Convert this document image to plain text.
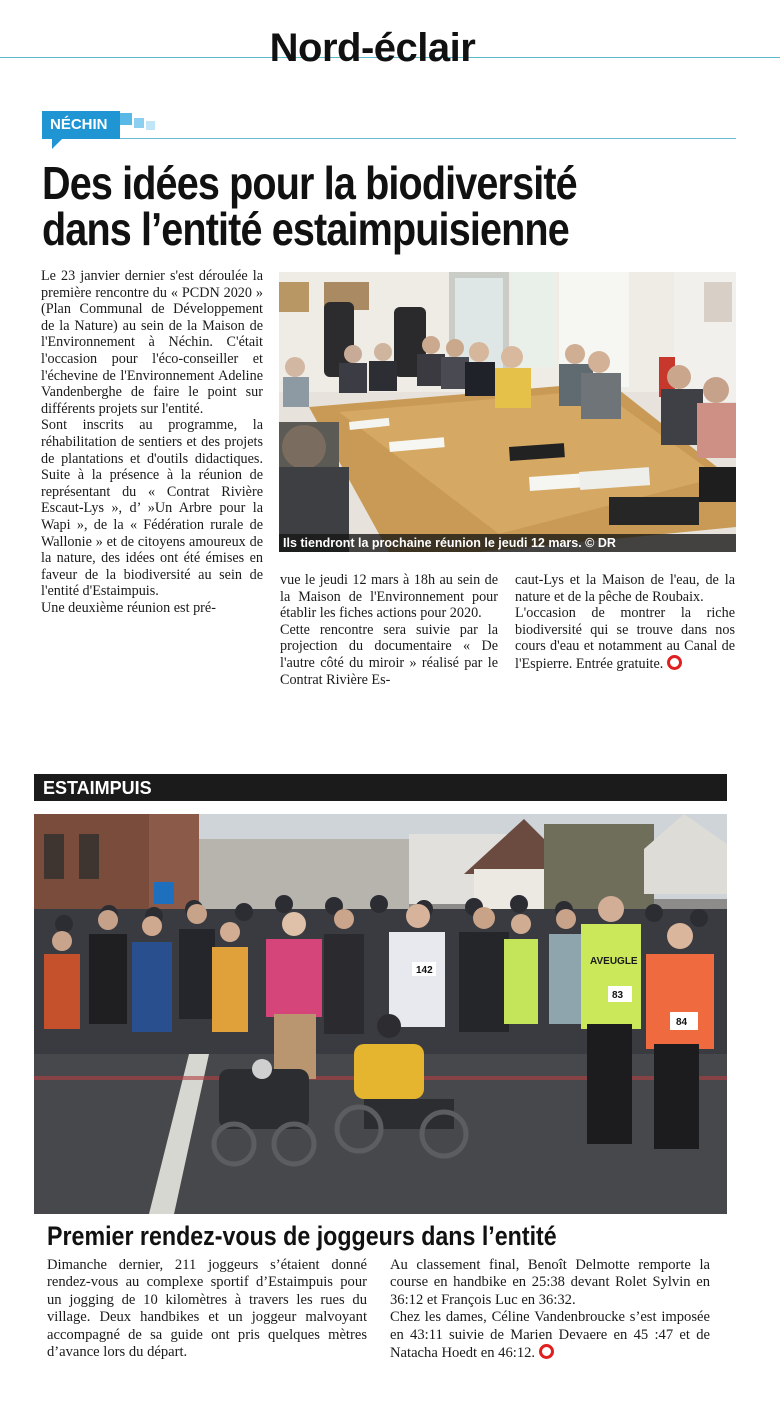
Nord-éclair
NÉCHIN
Des idées pour la biodiversité
dans l’entité estaimpuisienne

Le 23 janvier dernier s'est déroulée la première rencontre du « PCDN 2020 » (Plan Communal de Développement de la Nature) au sein de la Maison de l'Environnement à Néchin. C'était l'occasion pour l'éco-conseiller et l'échevine de l'Environnement Adeline Vandenberghe de faire le point sur différents projets sur l'entité.

Sont inscrits au programme, la réhabilitation de sentiers et des projets de plantations et d'outils didactiques. Suite à la présence à la réunion de représentant du « Contrat Rivière Escaut-Lys », d’ »Un Arbre pour la Wapi », de la « Fédération rurale de Wallonie » et de citoyens amoureux de la nature, des idées ont été émises en faveur de la biodiversité au sein de l'entité d'Estaimpuis.

Une deuxième réunion est pré-

Ils tiendront la prochaine réunion le jeudi 12 mars. © DR

vue le jeudi 12 mars à 18h au sein de la Maison de l'Environnement pour établir les fiches actions pour 2020.

Cette rencontre sera suivie par la projection du documentaire « De l'autre côté du miroir » réalisé par le Contrat Rivière Es-

caut-Lys et la Maison de l'eau, de la nature et de la pêche de Roubaix.

L'occasion de montrer la riche biodiversité qui se trouve dans nos cours d'eau et notamment au Canal de l'Espierre. Entrée gratuite.

ESTAIMPUIS
142
83
84
AVEUGLE
Premier rendez-vous de joggeurs dans l’entité

Dimanche dernier, 211 joggeurs s’étaient donné rendez-vous au complexe sportif d’Estaimpuis pour un jogging de 10 kilomètres à travers les rues du village. Deux handbikes et un joggeur malvoyant accompagné de sa guide ont pris quelques mètres d’avance lors du départ.

Au classement final, Benoît Delmotte remporte la course en handbike en 25:38 devant Rolet Sylvin en 36:12 et François Luc en 36:32.

Chez les dames, Céline Vandenbroucke s’est imposée en 43:11 suivie de Marien Devaere en 45 :47 et de Natacha Hoedt en 46:12.
